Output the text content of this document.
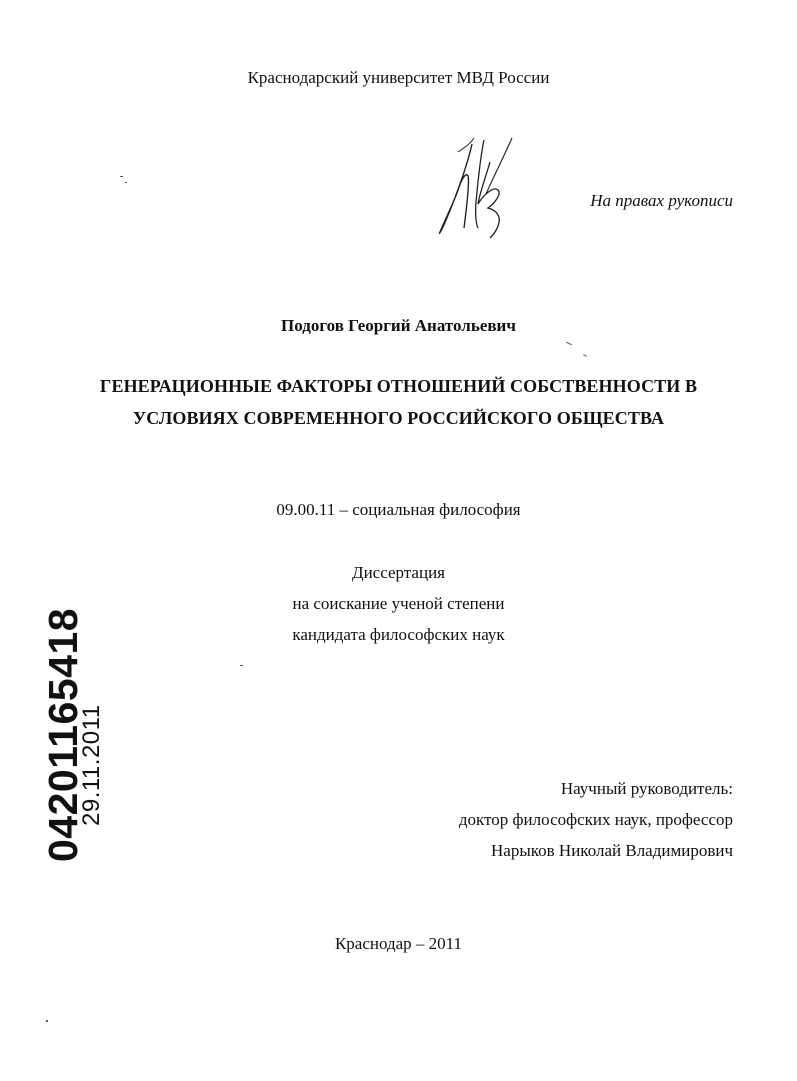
Краснодарский университет МВД России
На правах рукописи
Подогов Георгий Анатольевич
ГЕНЕРАЦИОННЫЕ ФАКТОРЫ ОТНОШЕНИЙ СОБСТВЕННОСТИ В
УСЛОВИЯХ СОВРЕМЕННОГО РОССИЙСКОГО ОБЩЕСТВА
09.00.11 – социальная философия
Диссертация
на соискание ученой степени
кандидата философских наук
Научный руководитель:
доктор философских наук, профессор
Нарыков Николай Владимирович
Краснодар – 2011
04201165418
29.11.2011
